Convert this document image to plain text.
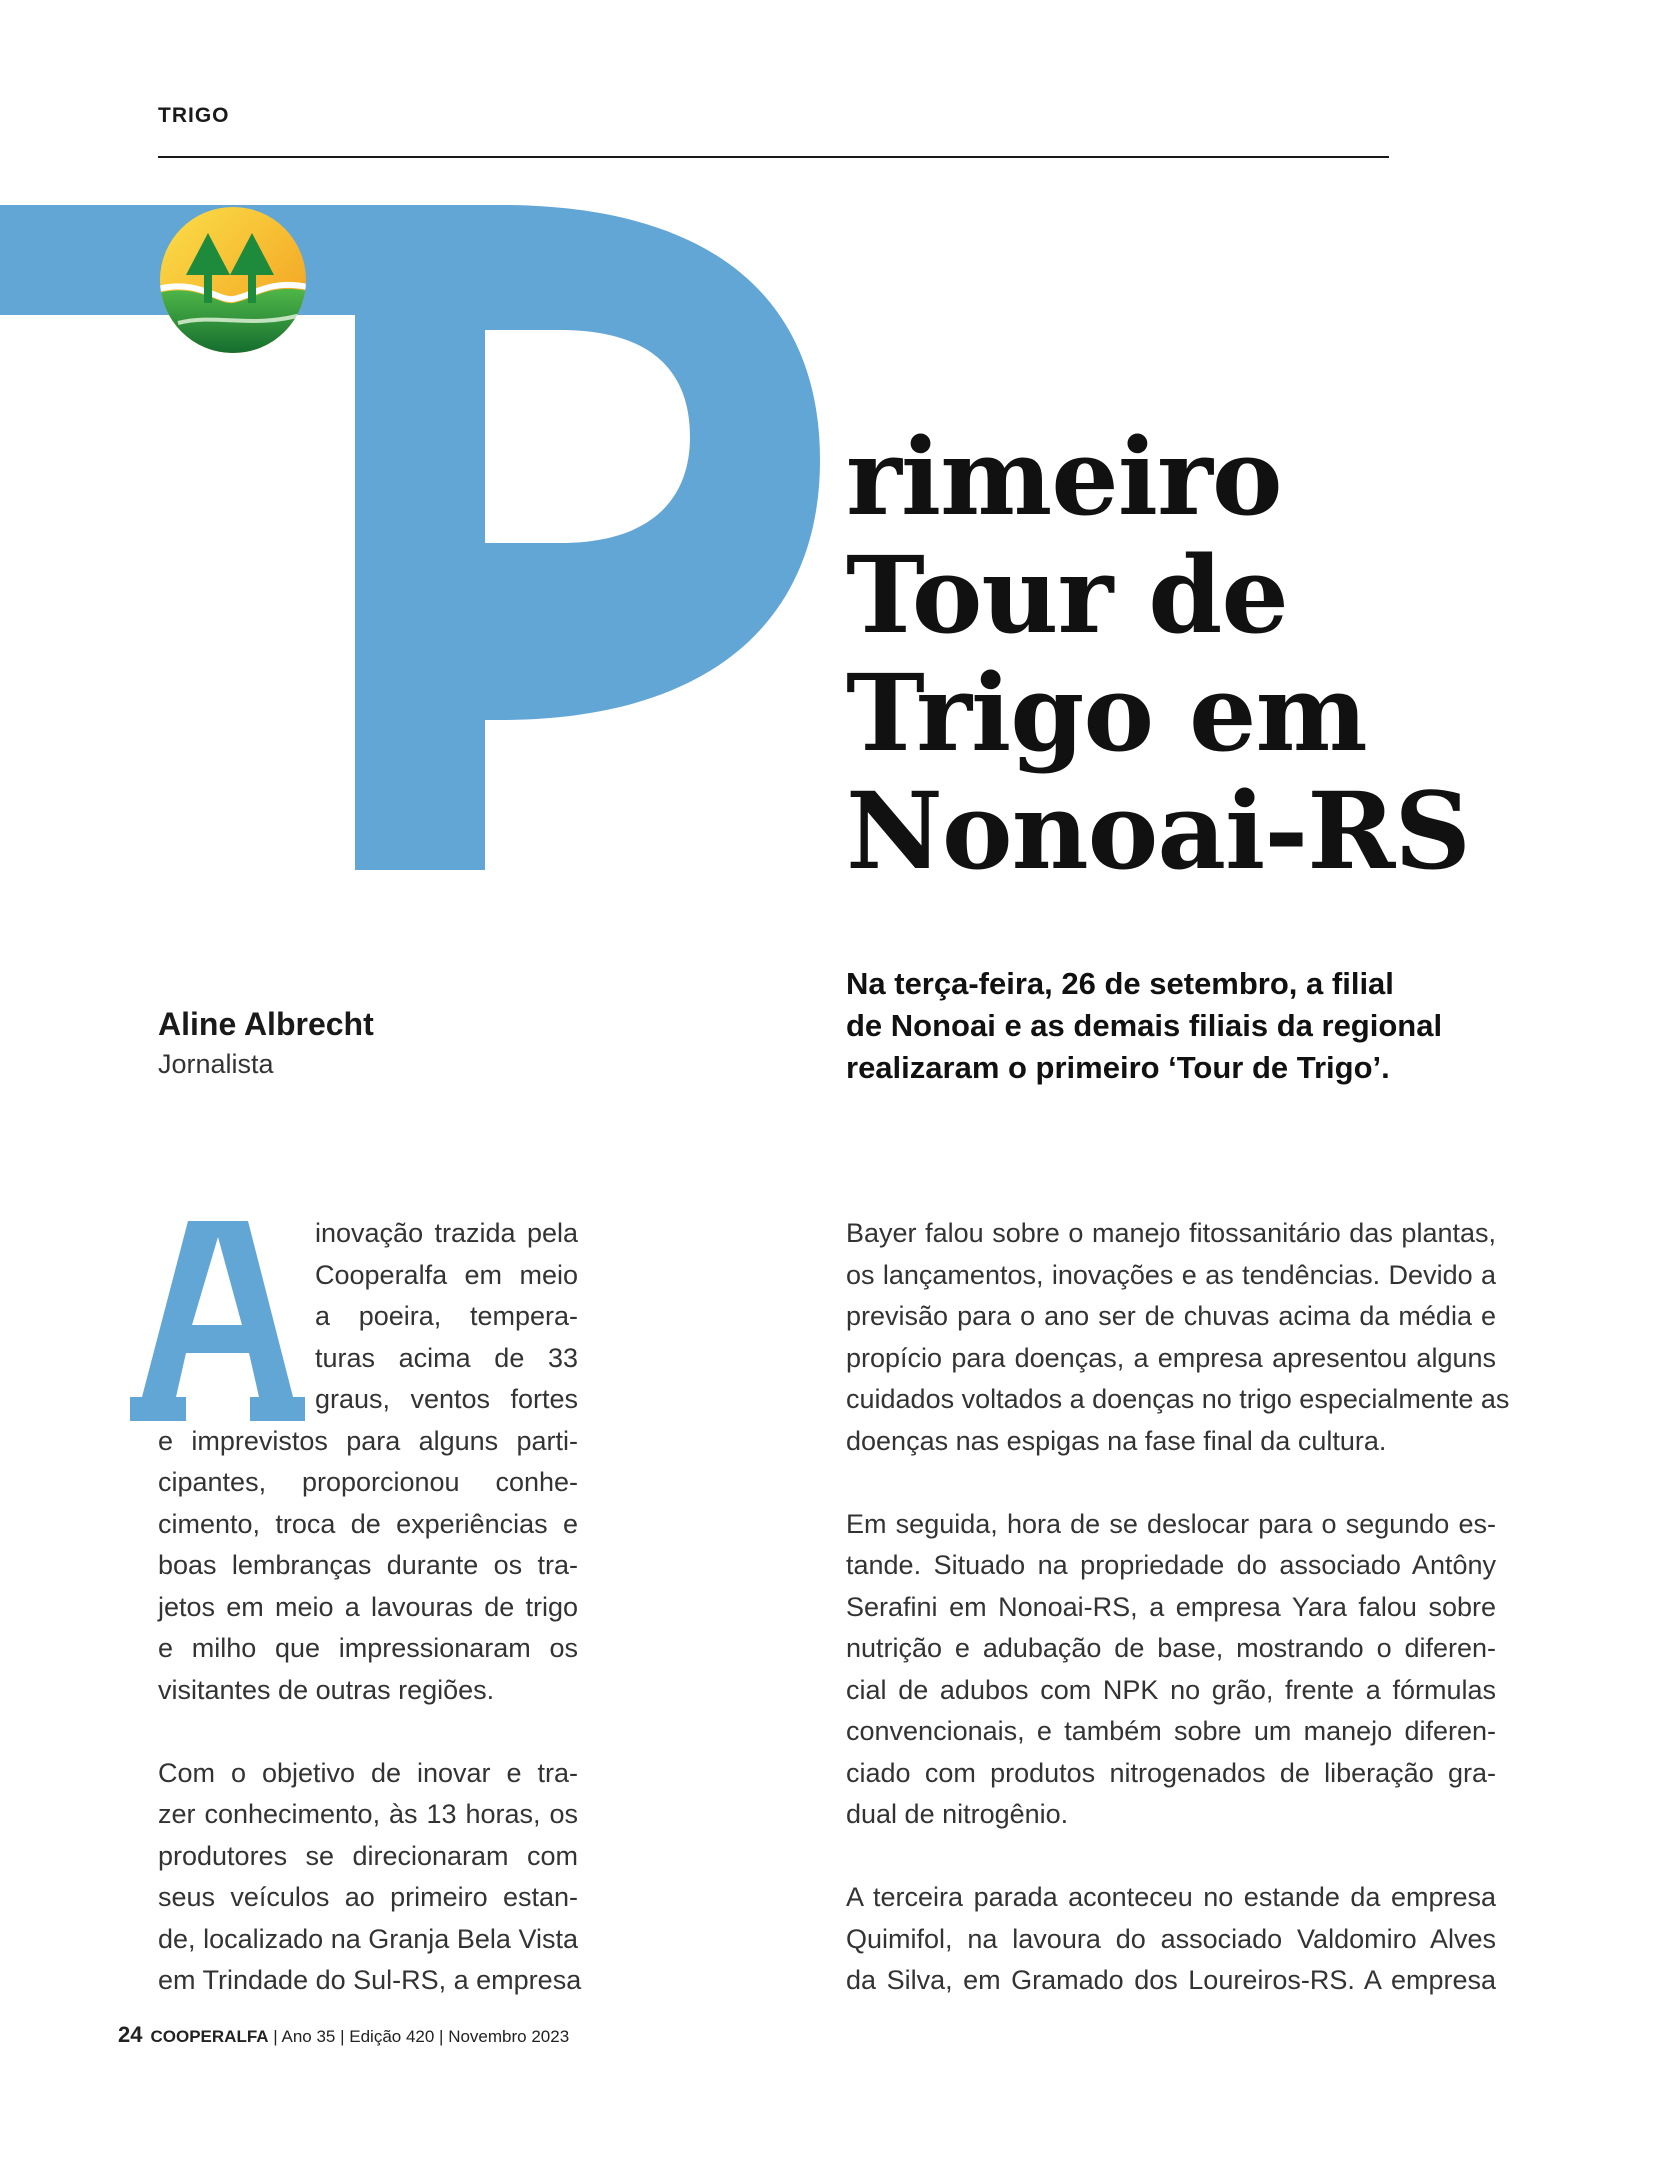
TRIGO
rimeiro
Tour de
Trigo em
Nonoai-RS
Aline Albrecht
Jornalista
Na terça-feira, 26 de setembro, a filial
de Nonoai e as demais filiais da regional
realizaram o primeiro ‘Tour de Trigo’.
inovação trazida pela
Cooperalfa em meio
a poeira, tempera-
turas acima de 33
graus, ventos fortes
e imprevistos para alguns parti-
cipantes, proporcionou conhe-
cimento, troca de experiências e
boas lembranças durante os tra-
jetos em meio a lavouras de trigo
e milho que impressionaram os
visitantes de outras regiões.
Com o objetivo de inovar e tra-
zer conhecimento, às 13 horas, os
produtores se direcionaram com
seus veículos ao primeiro estan-
de, localizado na Granja Bela Vista
em Trindade do Sul-RS, a empresa
Bayer falou sobre o manejo fitossanitário das plantas,
os lançamentos, inovações e as tendências. Devido a
previsão para o ano ser de chuvas acima da média e
propício para doenças, a empresa apresentou alguns
cuidados voltados a doenças no trigo especialmente as
doenças nas espigas na fase final da cultura.
Em seguida, hora de se deslocar para o segundo es-
tande. Situado na propriedade do associado Antôny
Serafini em Nonoai-RS, a empresa Yara falou sobre
nutrição e adubação de base, mostrando o diferen-
cial de adubos com NPK no grão, frente a fórmulas
convencionais, e também sobre um manejo diferen-
ciado com produtos nitrogenados de liberação gra-
dual de nitrogênio.
A terceira parada aconteceu no estande da empresa
Quimifol, na lavoura do associado Valdomiro Alves
da Silva, em Gramado dos Loureiros-RS. A empresa
24 COOPERALFA | Ano 35 | Edição 420 | Novembro 2023
